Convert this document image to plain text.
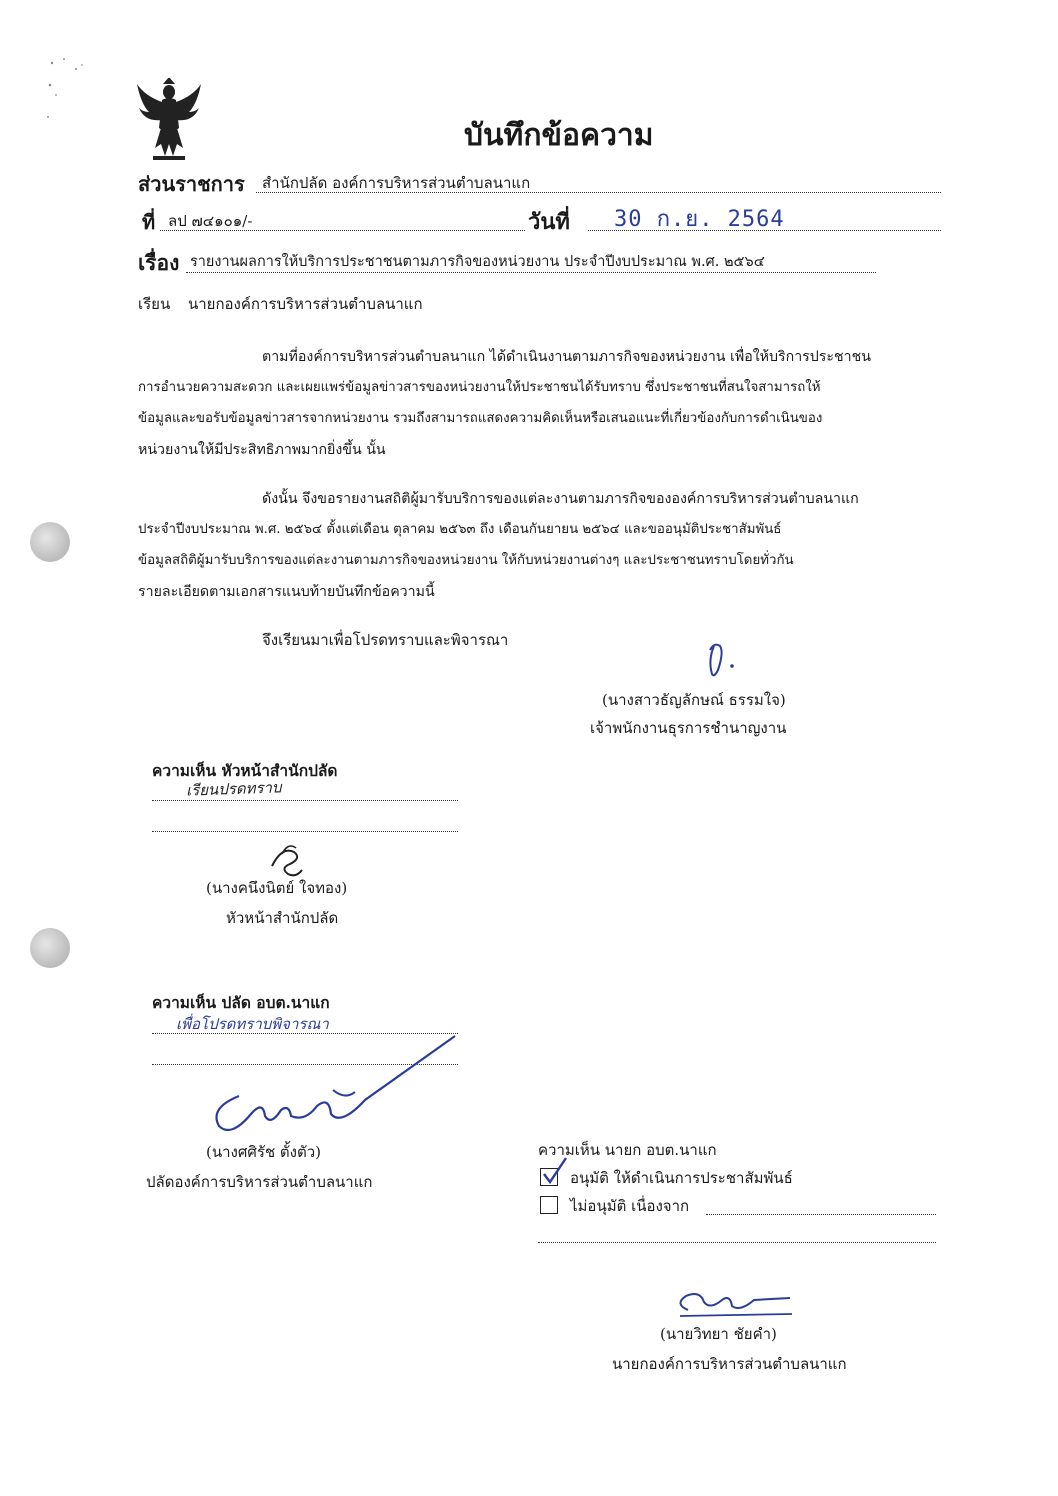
บันทึกข้อความ
ส่วนราชการ สำนักปลัด องค์การบริหารส่วนตำบลนาแก
ที่ ลป ๗๔๑๐๑/-	วันที่ 30 ก.ย. 2564
เรื่อง รายงานผลการให้บริการประชาชนตามภารกิจของหน่วยงาน ประจำปีงบประมาณ พ.ศ. ๒๕๖๔
เรียน นายกองค์การบริหารส่วนตำบลนาแก
ตามที่องค์การบริหารส่วนตำบลนาแก ได้ดำเนินงานตามภารกิจของหน่วยงาน เพื่อให้บริการประชาชน
การอำนวยความสะดวก และเผยแพร่ข้อมูลข่าวสารของหน่วยงานให้ประชาชนได้รับทราบ ซึ่งประชาชนที่สนใจสามารถให้
ข้อมูลและขอรับข้อมูลข่าวสารจากหน่วยงาน รวมถึงสามารถแสดงความคิดเห็นหรือเสนอแนะที่เกี่ยวข้องกับการดำเนินของ
หน่วยงานให้มีประสิทธิภาพมากยิ่งขึ้น นั้น
ดังนั้น จึงขอรายงานสถิติผู้มารับบริการของแต่ละงานตามภารกิจขององค์การบริหารส่วนตำบลนาแก
ประจำปีงบประมาณ พ.ศ. ๒๕๖๔ ตั้งแต่เดือน ตุลาคม ๒๕๖๓ ถึง เดือนกันยายน ๒๕๖๔ และขออนุมัติประชาสัมพันธ์
ข้อมูลสถิติผู้มารับบริการของแต่ละงานตามภารกิจของหน่วยงาน ให้กับหน่วยงานต่างๆ และประชาชนทราบโดยทั่วกัน
รายละเอียดตามเอกสารแนบท้ายบันทึกข้อความนี้
จึงเรียนมาเพื่อโปรดทราบและพิจารณา
(นางสาวธัญลักษณ์ ธรรมใจ)
เจ้าพนักงานธุรการชำนาญงาน
ความเห็น หัวหน้าสำนักปลัด
เรียนปรดทราบ
(นางคนึงนิตย์ ใจทอง)
หัวหน้าสำนักปลัด
ความเห็น ปลัด อบต.นาแก
เพื่อโปรดทราบพิจารณา
(นางศศิรัช ตั้งตัว)
ปลัดองค์การบริหารส่วนตำบลนาแก
ความเห็น นายก อบต.นาแก
อนุมัติ ให้ดำเนินการประชาสัมพันธ์
ไม่อนุมัติ เนื่องจาก
(นายวิทยา ชัยคำ)
นายกองค์การบริหารส่วนตำบลนาแก
